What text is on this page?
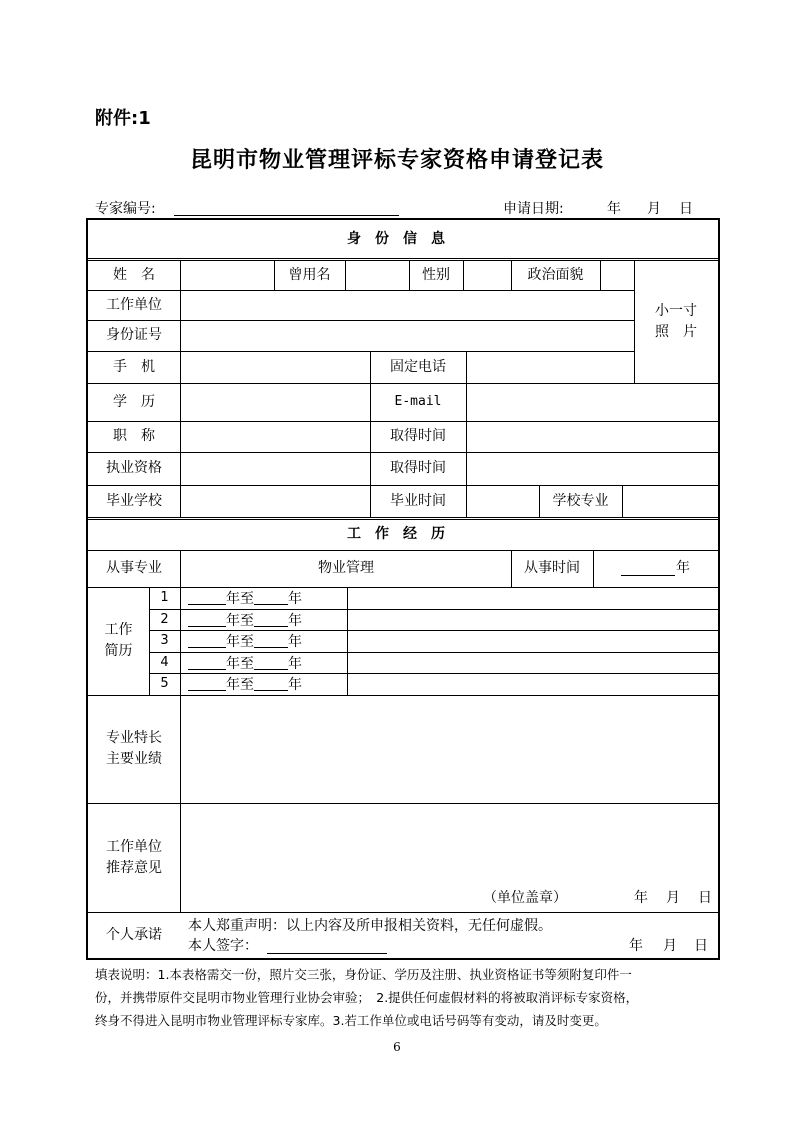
附件:1
昆明市物业管理评标专家资格申请登记表
专家编号:	申请日期:	年 月 日
身份信息
姓　名	曾用名	性别	政治面貌
小一寸
照　片
工作单位
身份证号
手　机	固定电话
学　历	E-mail
职　称	取得时间
执业资格	取得时间
毕业学校	毕业时间	学校专业
工作经历
从事专业	物业管理	从事时间	年
工作
简历
1	年至 年
2	年至 年
3	年至 年
4	年至 年
5	年至 年
专业特长
主要业绩
工作单位
推荐意见
（单位盖章）	年 月 日
个人承诺
本人郑重声明：以上内容及所申报相关资料，无任何虚假。
本人签字：	年 月 日
填表说明：1.本表格需交一份，照片交三张，身份证、学历及注册、执业资格证书等须附复印件一
份，并携带原件交昆明市物业管理行业协会审验；　2.提供任何虚假材料的将被取消评标专家资格，
终身不得进入昆明市物业管理评标专家库。3.若工作单位或电话号码等有变动，请及时变更。
6
